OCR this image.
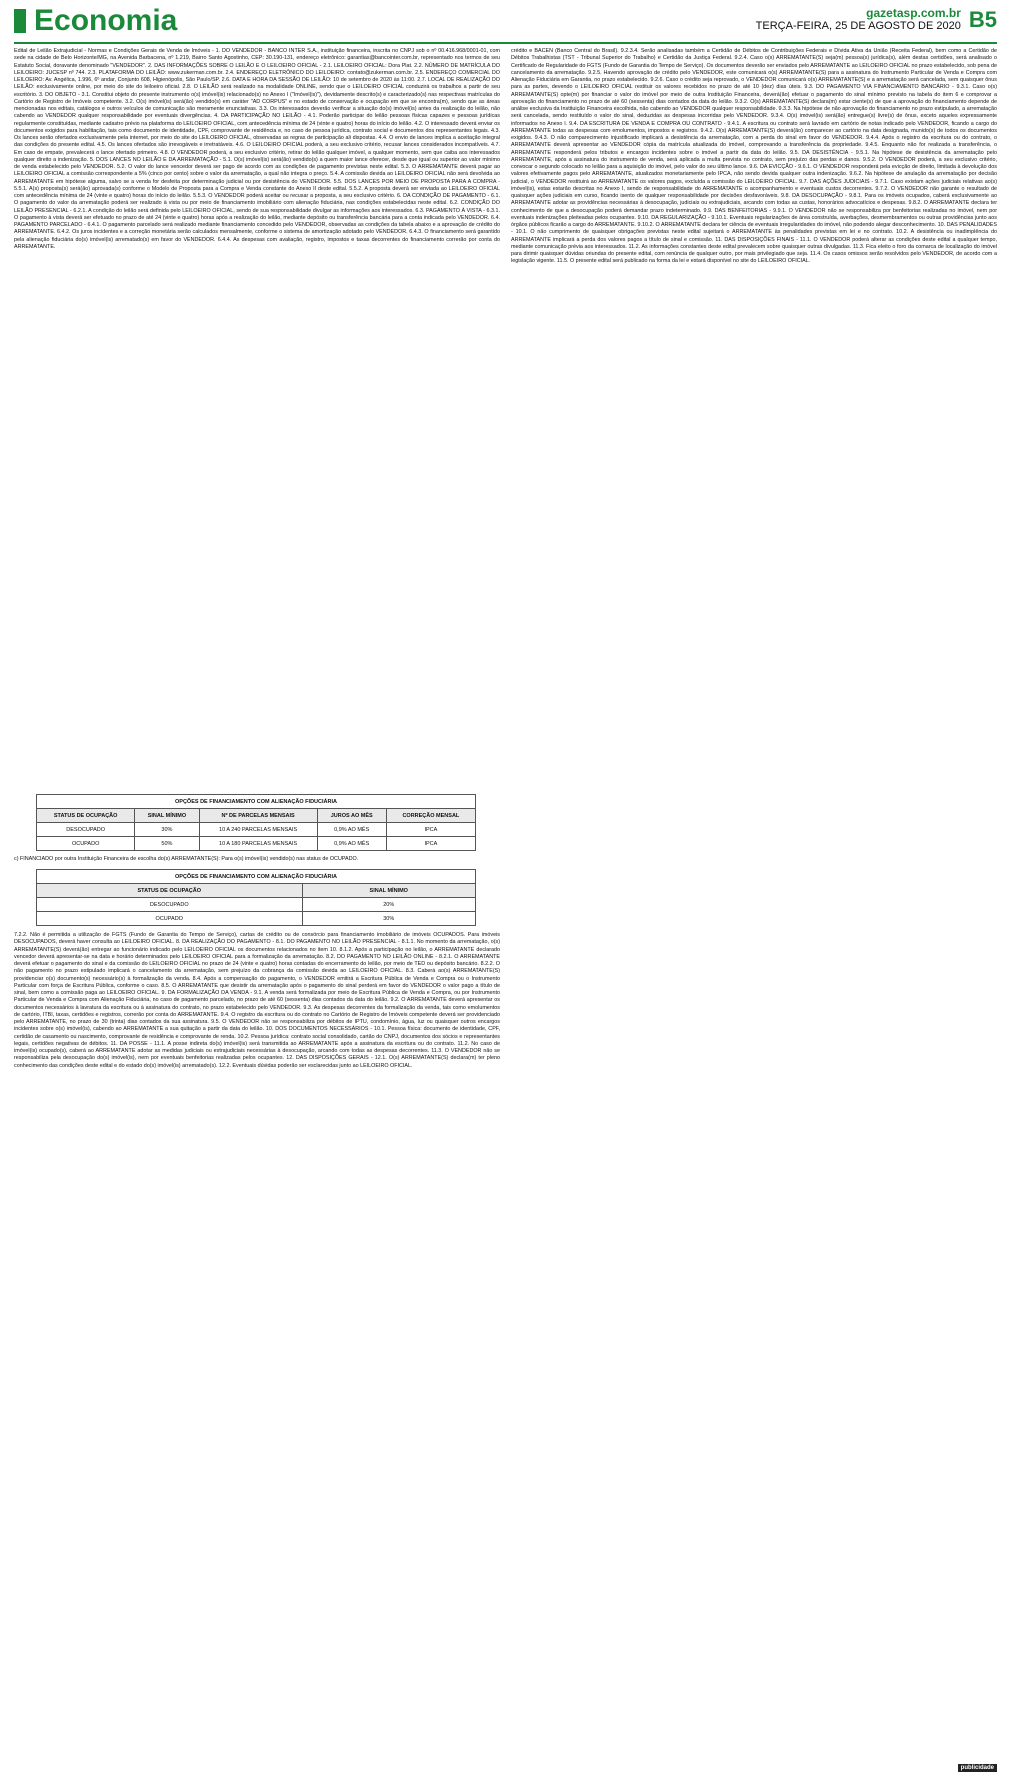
Economia	gazetasp.com.br
TERÇA-FEIRA, 25 DE AGOSTO DE 2020 B5

Edital de Leilão Extrajudicial - Normas e Condições Gerais de Venda de Imóveis - 1. DO VENDEDOR - BANCO INTER S.A., instituição financeira, inscrita no CNPJ sob o nº 00.416.968/0001-01, com sede na cidade de Belo Horizonte/MG, na Avenida Barbacena, nº 1.219, Bairro Santo Agostinho, CEP: 30.190-131, endereço eletrônico: garantias@bancointer.com.br, representado nos termos de seu Estatuto Social, doravante denominado "VENDEDOR". 2. DAS INFORMAÇÕES SOBRE O LEILÃO E O LEILOEIRO OFICIAL - 2.1. LEILOEIRO OFICIAL: Dora Plat. 2.2. NÚMERO DE MATRÍCULA DO LEILOEIRO: JUCESP nº 744. 2.3. PLATAFORMA DO LEILÃO: www.zukerman.com.br. 2.4. ENDEREÇO ELETRÔNICO DO LEILOEIRO: contato@zukerman.com.br. 2.5. ENDEREÇO COMERCIAL DO LEILOEIRO: Av. Angélica, 1.996, 6º andar, Conjunto 608, Higienópolis, São Paulo/SP. 2.6. DATA E HORA DA SESSÃO DE LEILÃO: 10 de setembro de 2020 às 11:00. 2.7. LOCAL DE REALIZAÇÃO DO LEILÃO: exclusivamente online, por meio do site do leiloeiro oficial. 2.8. O LEILÃO será realizado na modalidade ONLINE, sendo que o LEILOEIRO OFICIAL conduzirá os trabalhos a partir de seu escritório. 3. DO OBJETO - 3.1. Constitui objeto do presente instrumento o(s) imóvel(is) relacionado(s) no Anexo I ("Imóvel(is)"), devidamente descrito(s) e caracterizado(s) nas respectivas matrículas do Cartório de Registro de Imóveis competente. 3.2. O(s) imóvel(is) será(ão) vendido(s) em caráter "AD CORPUS" e no estado de conservação e ocupação em que se encontra(m), sendo que as áreas mencionadas nos editais, catálogos e outros veículos de comunicação são meramente enunciativas. 3.3. Os interessados deverão verificar a situação do(s) imóvel(is) antes da realização do leilão, não cabendo ao VENDEDOR qualquer responsabilidade por eventuais divergências. 4. DA PARTICIPAÇÃO NO LEILÃO - 4.1. Poderão participar do leilão pessoas físicas capazes e pessoas jurídicas regularmente constituídas, mediante cadastro prévio na plataforma do LEILOEIRO OFICIAL, com antecedência mínima de 24 (vinte e quatro) horas do início do leilão. 4.2. O interessado deverá enviar os documentos exigidos para habilitação, tais como documento de identidade, CPF, comprovante de residência e, no caso de pessoa jurídica, contrato social e documentos dos representantes legais. 4.3. Os lances serão ofertados exclusivamente pela internet, por meio do site do LEILOEIRO OFICIAL, observadas as regras de participação ali dispostas. 4.4. O envio de lances implica a aceitação integral das condições do presente edital. 4.5. Os lances ofertados são irrevogáveis e irretratáveis. 4.6. O LEILOEIRO OFICIAL poderá, a seu exclusivo critério, recusar lances considerados incompatíveis. 4.7. Em caso de empate, prevalecerá o lance ofertado primeiro. 4.8. O VENDEDOR poderá, a seu exclusivo critério, retirar do leilão qualquer imóvel, a qualquer momento, sem que caiba aos interessados qualquer direito a indenização. 5. DOS LANCES NO LEILÃO E DA ARREMATAÇÃO - 5.1. O(s) imóvel(is) será(ão) vendido(s) a quem maior lance oferecer, desde que igual ou superior ao valor mínimo de venda estabelecido pelo VENDEDOR. 5.2. O valor do lance vencedor deverá ser pago de acordo com as condições de pagamento previstas neste edital. 5.3. O ARREMATANTE deverá pagar ao LEILOEIRO OFICIAL a comissão correspondente a 5% (cinco por cento) sobre o valor da arrematação, a qual não integra o preço. 5.4. A comissão devida ao LEILOEIRO OFICIAL não será devolvida ao ARREMATANTE em hipótese alguma, salvo se a venda for desfeita por determinação judicial ou por desistência do VENDEDOR. 5.5. DOS LANCES POR MEIO DE PROPOSTA PARA A COMPRA - 5.5.1. A(s) proposta(s) será(ão) aprovada(s) conforme o Modelo de Proposta para a Compra e Venda constante do Anexo II deste edital. 5.5.2. A proposta deverá ser enviada ao LEILOEIRO OFICIAL com antecedência mínima de 24 (vinte e quatro) horas do início do leilão. 5.5.3. O VENDEDOR poderá aceitar ou recusar a proposta, a seu exclusivo critério. 6. DA CONDIÇÃO DE PAGAMENTO - 6.1. O pagamento do valor da arrematação poderá ser realizado à vista ou por meio de financiamento imobiliário com alienação fiduciária, nas condições estabelecidas neste edital. 6.2. CONDIÇÃO DO LEILÃO PRESENCIAL - 6.2.1. A condição do leilão será definida pelo LEILOEIRO OFICIAL, sendo de sua responsabilidade divulgar as informações aos interessados. 6.3. PAGAMENTO À VISTA - 6.3.1. O pagamento à vista deverá ser efetuado no prazo de até 24 (vinte e quatro) horas após a realização do leilão, mediante depósito ou transferência bancária para a conta indicada pelo VENDEDOR. 6.4. PAGAMENTO PARCELADO - 6.4.1. O pagamento parcelado será realizado mediante financiamento concedido pelo VENDEDOR, observadas as condições da tabela abaixo e a aprovação de crédito do ARREMATANTE. 6.4.2. Os juros incidentes e a correção monetária serão calculados mensalmente, conforme o sistema de amortização adotado pelo VENDEDOR. 6.4.3. O financiamento será garantido pela alienação fiduciária do(s) imóvel(is) arrematado(s) em favor do VENDEDOR. 6.4.4. As despesas com avaliação, registro, impostos e taxas decorrentes do financiamento correrão por conta do ARREMATANTE.

OPÇÕES DE FINANCIAMENTO COM ALIENAÇÃO FIDUCIÁRIA				
STATUS DE OCUPAÇÃO	SINAL MÍNIMO	Nº DE PARCELAS MENSAIS	JUROS AO MÊS	CORREÇÃO MENSAL
DESOCUPADO	30%	10 A 240 PARCELAS MENSAIS	0,9% AO MÊS	IPCA
OCUPADO	50%	10 A 180 PARCELAS MENSAIS	0,9% AO MÊS	IPCA
c) FINANCIADO por outra Instituição Financeira de escolha do(s) ARREMATANTE(S): Para o(s) imóvel(is) vendido(s) nas status de OCUPADO.
OPÇÕES DE FINANCIAMENTO COM ALIENAÇÃO FIDUCIÁRIA	
STATUS DE OCUPAÇÃO	SINAL MÍNIMO
DESOCUPADO	20%
OCUPADO	30%

7.2.2. Não é permitida a utilização de FGTS (Fundo de Garantia do Tempo de Serviço), cartas de crédito ou de consórcio para financiamento imobiliário de imóveis OCUPADOS. Para imóveis DESOCUPADOS, deverá haver consulta ao LEILOEIRO OFICIAL. 8. DA REALIZAÇÃO DO PAGAMENTO - 8.1. DO PAGAMENTO NO LEILÃO PRESENCIAL - 8.1.1. No momento da arrematação, o(s) ARREMATANTE(S) deverá(ão) entregar ao funcionário indicado pelo LEILOEIRO OFICIAL os documentos relacionados no item 10. 8.1.2. Após a participação no leilão, o ARREMATANTE declarado vencedor deverá apresentar-se na data e horário determinados pelo LEILOEIRO OFICIAL para a formalização da arrematação. 8.2. DO PAGAMENTO NO LEILÃO ONLINE - 8.2.1. O ARREMATANTE deverá efetuar o pagamento do sinal e da comissão do LEILOEIRO OFICIAL no prazo de 24 (vinte e quatro) horas contadas do encerramento do leilão, por meio de TED ou depósito bancário. 8.2.2. O não pagamento no prazo estipulado implicará o cancelamento da arrematação, sem prejuízo da cobrança da comissão devida ao LEILOEIRO OFICIAL. 8.3. Caberá ao(s) ARREMATANTE(S) providenciar o(s) documento(s) necessário(s) à formalização da venda. 8.4. Após a compensação do pagamento, o VENDEDOR emitirá a Escritura Pública de Venda e Compra ou o Instrumento Particular com força de Escritura Pública, conforme o caso. 8.5. O ARREMATANTE que desistir da arrematação após o pagamento do sinal perderá em favor do VENDEDOR o valor pago a título de sinal, bem como a comissão paga ao LEILOEIRO OFICIAL. 9. DA FORMALIZAÇÃO DA VENDA - 9.1. A venda será formalizada por meio de Escritura Pública de Venda e Compra, ou por Instrumento Particular de Venda e Compra com Alienação Fiduciária, no caso de pagamento parcelado, no prazo de até 60 (sessenta) dias contados da data do leilão. 9.2. O ARREMATANTE deverá apresentar os documentos necessários à lavratura da escritura ou à assinatura do contrato, no prazo estabelecido pelo VENDEDOR. 9.3. As despesas decorrentes da formalização da venda, tais como emolumentos de cartório, ITBI, taxas, certidões e registros, correrão por conta do ARREMATANTE. 9.4. O registro da escritura ou do contrato no Cartório de Registro de Imóveis competente deverá ser providenciado pelo ARREMATANTE, no prazo de 30 (trinta) dias contados da sua assinatura. 9.5. O VENDEDOR não se responsabiliza por débitos de IPTU, condomínio, água, luz ou quaisquer outros encargos incidentes sobre o(s) imóvel(is), cabendo ao ARREMATANTE a sua quitação a partir da data do leilão. 10. DOS DOCUMENTOS NECESSÁRIOS - 10.1. Pessoa física: documento de identidade, CPF, certidão de casamento ou nascimento, comprovante de residência e comprovante de renda. 10.2. Pessoa jurídica: contrato social consolidado, cartão do CNPJ, documentos dos sócios e representantes legais, certidões negativas de débitos. 11. DA POSSE - 11.1. A posse indireta do(s) imóvel(is) será transmitida ao ARREMATANTE após a assinatura da escritura ou do contrato. 11.2. No caso de imóvel(is) ocupado(s), caberá ao ARREMATANTE adotar as medidas judiciais ou extrajudiciais necessárias à desocupação, arcando com todas as despesas decorrentes. 11.3. O VENDEDOR não se responsabiliza pela desocupação do(s) imóvel(is), nem por eventuais benfeitorias realizadas pelos ocupantes. 12. DAS DISPOSIÇÕES GERAIS - 12.1. O(s) ARREMATANTE(S) declara(m) ter pleno conhecimento das condições deste edital e do estado do(s) imóvel(is) arrematado(s). 12.2. Eventuais dúvidas poderão ser esclarecidas junto ao LEILOEIRO OFICIAL.

crédito e BACEN (Banco Central do Brasil). 9.2.3.4. Serão analisadas também a Certidão de Débitos de Contribuições Federais e Dívida Ativa da União (Receita Federal), bem como a Certidão de Débitos Trabalhistas (TST - Tribunal Superior do Trabalho) e Certidão da Justiça Federal. 9.2.4. Caso o(s) ARREMATANTE(S) seja(m) pessoa(s) jurídica(s), além destas certidões, será analisado o Certificado de Regularidade do FGTS (Fundo de Garantia do Tempo de Serviço). Os documentos deverão ser enviados pelo ARREMATANTE ao LEILOEIRO OFICIAL no prazo estabelecido, sob pena de cancelamento da arrematação. 9.2.5. Havendo aprovação de crédito pelo VENDEDOR, este comunicará o(s) ARREMATANTE(S) para a assinatura do Instrumento Particular de Venda e Compra com Alienação Fiduciária em Garantia, no prazo estabelecido. 9.2.6. Caso o crédito seja reprovado, o VENDEDOR comunicará o(s) ARREMATANTE(S) e a arrematação será cancelada, sem quaisquer ônus para as partes, devendo o LEILOEIRO OFICIAL restituir os valores recebidos no prazo de até 10 (dez) dias úteis. 9.3. DO PAGAMENTO VIA FINANCIAMENTO BANCÁRIO - 9.3.1. Caso o(s) ARREMATANTE(S) opte(m) por financiar o valor do imóvel por meio de outra Instituição Financeira, deverá(ão) efetuar o pagamento do sinal mínimo previsto na tabela do item 6 e comprovar a aprovação do financiamento no prazo de até 60 (sessenta) dias contados da data do leilão. 9.3.2. O(s) ARREMATANTE(S) declara(m) estar ciente(s) de que a aprovação do financiamento depende de análise exclusiva da Instituição Financeira escolhida, não cabendo ao VENDEDOR qualquer responsabilidade. 9.3.3. Na hipótese de não aprovação do financiamento no prazo estipulado, a arrematação será cancelada, sendo restituído o valor do sinal, deduzidas as despesas incorridas pelo VENDEDOR. 9.3.4. O(s) imóvel(is) será(ão) entregue(s) livre(s) de ônus, exceto aqueles expressamente informados no Anexo I. 9.4. DA ESCRITURA DE VENDA E COMPRA OU CONTRATO - 9.4.1. A escritura ou contrato será lavrado em cartório de notas indicado pelo VENDEDOR, ficando a cargo do ARREMATANTE todas as despesas com emolumentos, impostos e registros. 9.4.2. O(s) ARREMATANTE(S) deverá(ão) comparecer ao cartório na data designada, munido(s) de todos os documentos exigidos. 9.4.3. O não comparecimento injustificado implicará a desistência da arrematação, com a perda do sinal em favor do VENDEDOR. 9.4.4. Após o registro da escritura ou do contrato, o ARREMATANTE deverá apresentar ao VENDEDOR cópia da matrícula atualizada do imóvel, comprovando a transferência da propriedade. 9.4.5. Enquanto não for realizada a transferência, o ARREMATANTE responderá pelos tributos e encargos incidentes sobre o imóvel a partir da data do leilão. 9.5. DA DESISTÊNCIA - 9.5.1. Na hipótese de desistência da arrematação pelo ARREMATANTE, após a assinatura do instrumento de venda, será aplicada a multa prevista no contrato, sem prejuízo das perdas e danos. 9.5.2. O VENDEDOR poderá, a seu exclusivo critério, convocar o segundo colocado no leilão para a aquisição do imóvel, pelo valor do seu último lance. 9.6. DA EVICÇÃO - 9.6.1. O VENDEDOR responderá pela evicção de direito, limitada à devolução dos valores efetivamente pagos pelo ARREMATANTE, atualizados monetariamente pelo IPCA, não sendo devida qualquer outra indenização. 9.6.2. Na hipótese de anulação da arrematação por decisão judicial, o VENDEDOR restituirá ao ARREMATANTE os valores pagos, excluída a comissão do LEILOEIRO OFICIAL. 9.7. DAS AÇÕES JUDICIAIS - 9.7.1. Caso existam ações judiciais relativas ao(s) imóvel(is), estas estarão descritas no Anexo I, sendo de responsabilidade do ARREMATANTE o acompanhamento e eventuais custos decorrentes. 9.7.2. O VENDEDOR não garante o resultado de quaisquer ações judiciais em curso, ficando isento de qualquer responsabilidade por decisões desfavoráveis. 9.8. DA DESOCUPAÇÃO - 9.8.1. Para os imóveis ocupados, caberá exclusivamente ao ARREMATANTE adotar as providências necessárias à desocupação, judiciais ou extrajudiciais, arcando com todas as custas, honorários advocatícios e despesas. 9.8.2. O ARREMATANTE declara ter conhecimento de que a desocupação poderá demandar prazo indeterminado. 9.9. DAS BENFEITORIAS - 9.9.1. O VENDEDOR não se responsabiliza por benfeitorias realizadas no imóvel, nem por eventuais indenizações pleiteadas pelos ocupantes. 9.10. DA REGULARIZAÇÃO - 9.10.1. Eventuais regularizações de área construída, averbações, desmembramentos ou outras providências junto aos órgãos públicos ficarão a cargo do ARREMATANTE. 9.10.2. O ARREMATANTE declara ter ciência de eventuais irregularidades do imóvel, não podendo alegar desconhecimento. 10. DAS PENALIDADES - 10.1. O não cumprimento de quaisquer obrigações previstas neste edital sujeitará o ARREMATANTE às penalidades previstas em lei e no contrato. 10.2. A desistência ou inadimplência do ARREMATANTE implicará a perda dos valores pagos a título de sinal e comissão. 11. DAS DISPOSIÇÕES FINAIS - 11.1. O VENDEDOR poderá alterar as condições deste edital a qualquer tempo, mediante comunicação prévia aos interessados. 11.2. As informações constantes deste edital prevalecem sobre quaisquer outras divulgadas. 11.3. Fica eleito o foro da comarca de localização do imóvel para dirimir quaisquer dúvidas oriundas do presente edital, com renúncia de qualquer outro, por mais privilegiado que seja. 11.4. Os casos omissos serão resolvidos pelo VENDEDOR, de acordo com a legislação vigente. 11.5. O presente edital será publicado na forma da lei e estará disponível no site do LEILOEIRO OFICIAL.

publicidade
